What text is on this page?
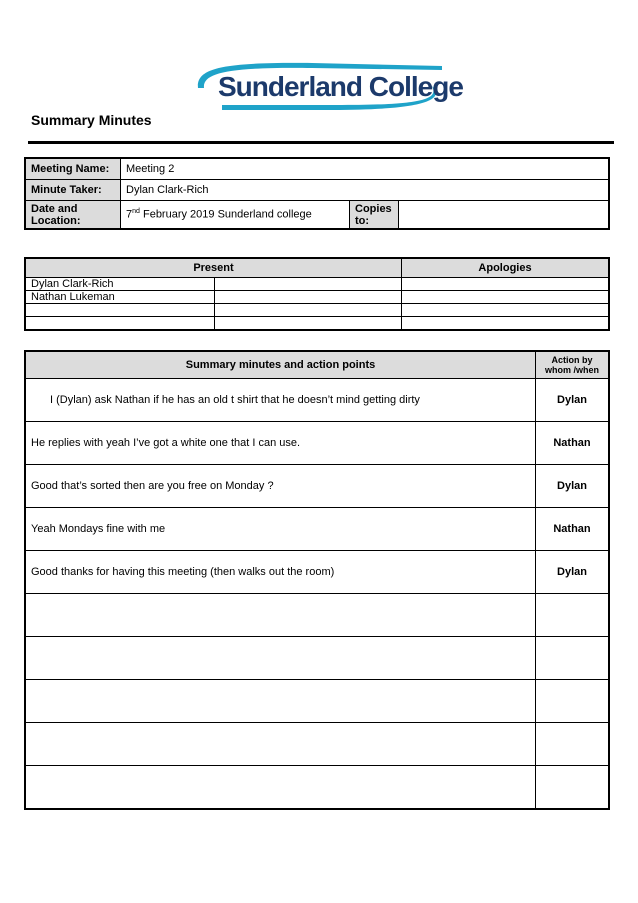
Sunderland College
Summary Minutes
Meeting Name:	Meeting 2		
Minute Taker:	Dylan Clark-Rich		
Date and
Location:	7nd February 2019 Sunderland college	Copies
to:	
Present		Apologies
Dylan Clark-Rich		
Nathan Lukeman		

Summary minutes and action points	Action by
whom /when
I (Dylan) ask Nathan if he has an old t shirt that he doesn’t mind getting dirty	Dylan
He replies with yeah I’ve got a white one that I can use.	Nathan
Good that’s sorted then are you free on Monday ?	Dylan
Yeah Mondays fine with me	Nathan
Good thanks for having this meeting (then walks out the room)	Dylan
